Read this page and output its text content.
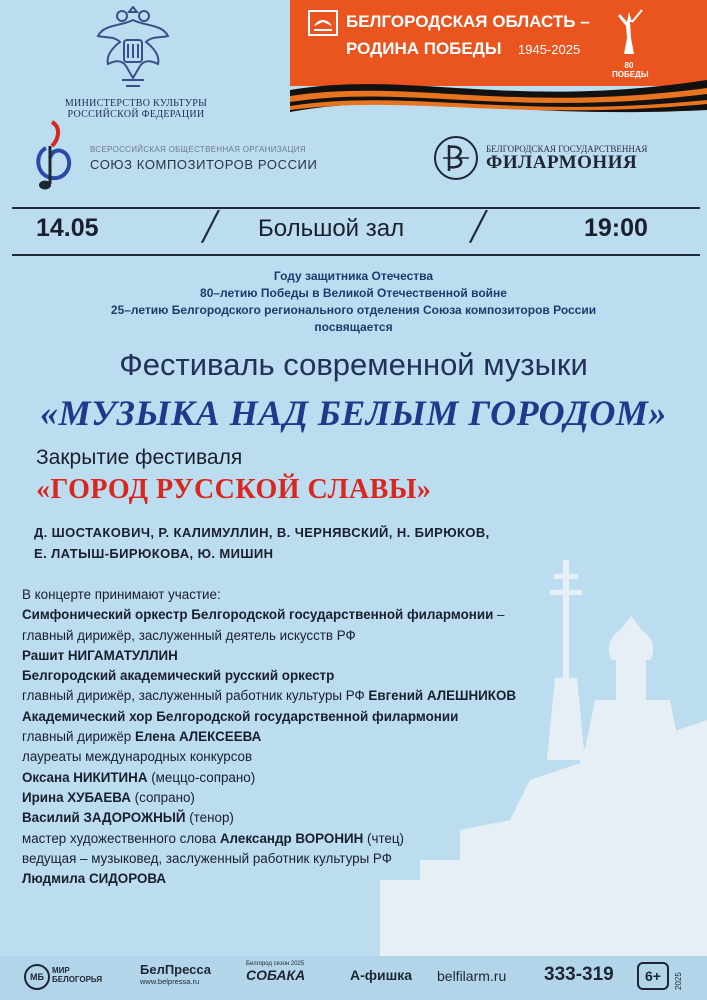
МИНИСТЕРСТВО КУЛЬТУРЫ
РОССИЙСКОЙ ФЕДЕРАЦИИ
БЕЛГОРОДСКАЯ ОБЛАСТЬ –
РОДИНА ПОБЕДЫ	1945-2025
80 ПОБЕДЫ
ВСЕРОССИЙСКАЯ ОБЩЕСТВЕННАЯ ОРГАНИЗАЦИЯ
СОЮЗ КОМПОЗИТОРОВ РОССИИ
БЕЛГОРОДСКАЯ ГОСУДАРСТВЕННАЯ
ФИЛАРМОНИЯ
14.05	╱ Большой зал ╱	19:00
Году защитника Отечества
80–летию Победы в Великой Отечественной войне
25–летию Белгородского регионального отделения Союза композиторов России
посвящается
Фестиваль современной музыки
«МУЗЫКА НАД БЕЛЫМ ГОРОДОМ»
Закрытие фестиваля
«ГОРОД РУССКОЙ СЛАВЫ»
Д. ШОСТАКОВИЧ, Р. КАЛИМУЛЛИН, В. ЧЕРНЯВСКИЙ, Н. БИРЮКОВ,
Е. ЛАТЫШ-БИРЮКОВА, Ю. МИШИН
В концерте принимают участие:
Симфонический оркестр Белгородской государственной филармонии –
главный дирижёр, заслуженный деятель искусств РФ
Рашит НИГАМАТУЛЛИН
Белгородский академический русский оркестр
главный дирижёр, заслуженный работник культуры РФ Евгений АЛЕШНИКОВ
Академический хор Белгородской государственной филармонии
главный дирижёр Елена АЛЕКСЕЕВА
лауреаты международных конкурсов
Оксана НИКИТИНА (меццо-сопрано)
Ирина ХУБАЕВА (сопрано)
Василий ЗАДОРОЖНЫЙ (тенор)
мастер художественного слова Александр ВОРОНИН (чтец)
ведущая – музыковед, заслуженный работник культуры РФ
Людмила СИДОРОВА
МБ
МИР
БЕЛОГОРЬЯ
БелПресса
www.belpressa.ru
Белгород сезон 2025
СОБАКА	А-фишка belfilarm.ru 333-319	6+	2025
